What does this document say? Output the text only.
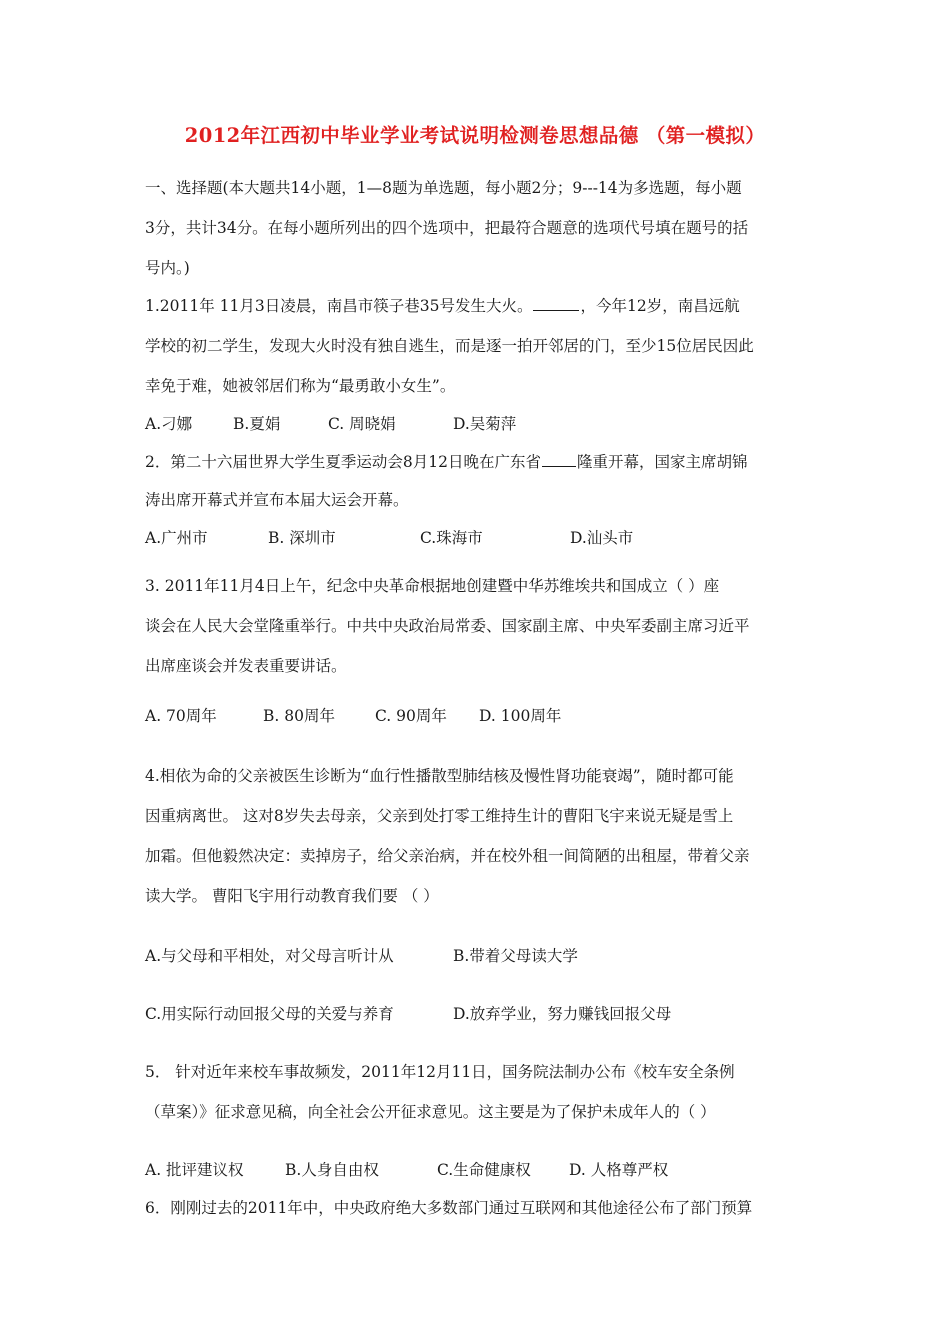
2012年江西初中毕业学业考试说明检测卷思想品德 （第一模拟）
一、选择题(本大题共14小题，1—8题为单选题，每小题2分；9---14为多选题，每小题
3分，共计34分。在每小题所列出的四个选项中，把最符合题意的选项代号填在题号的括
号内。)
1.2011年 11月3日凌晨，南昌市筷子巷35号发生大火。	，今年12岁，南昌远航
学校的初二学生，发现大火时没有独自逃生，而是逐一拍开邻居的门，至少15位居民因此
幸免于难，她被邻居们称为“最勇敢小女生”。
A.刁娜	B.夏娟	C. 周晓娟	D.吴菊萍
2．第二十六届世界大学生夏季运动会8月12日晚在广东省 隆重开幕，国家主席胡锦
涛出席开幕式并宣布本届大运会开幕。
A.广州市	B. 深圳市	C.珠海市	D.汕头市
3. 2011年11月4日上午，纪念中央革命根据地创建暨中华苏维埃共和国成立（ ）座
谈会在人民大会堂隆重举行。中共中央政治局常委、国家副主席、中央军委副主席习近平
出席座谈会并发表重要讲话。
A. 70周年	B. 80周年	C. 90周年 D. 100周年
4.相依为命的父亲被医生诊断为“血行性播散型肺结核及慢性肾功能衰竭”，随时都可能
因重病离世。 这对8岁失去母亲，父亲到处打零工维持生计的曹阳飞宇来说无疑是雪上
加霜。但他毅然决定：卖掉房子，给父亲治病，并在校外租一间简陋的出租屋，带着父亲
读大学。 曹阳飞宇用行动教育我们要 （ ）
A.与父母和平相处，对父母言听计从	B.带着父母读大学
C.用实际行动回报父母的关爱与养育	D.放弃学业，努力赚钱回报父母
5． 针对近年来校车事故频发，2011年12月11日，国务院法制办公布《校车安全条例
（草案）》征求意见稿，向全社会公开征求意见。这主要是为了保护未成年人的（ ）
A. 批评建议权	B.人身自由权	C.生命健康权 D. 人格尊严权
6．刚刚过去的2011年中，中央政府绝大多数部门通过互联网和其他途径公布了部门预算
